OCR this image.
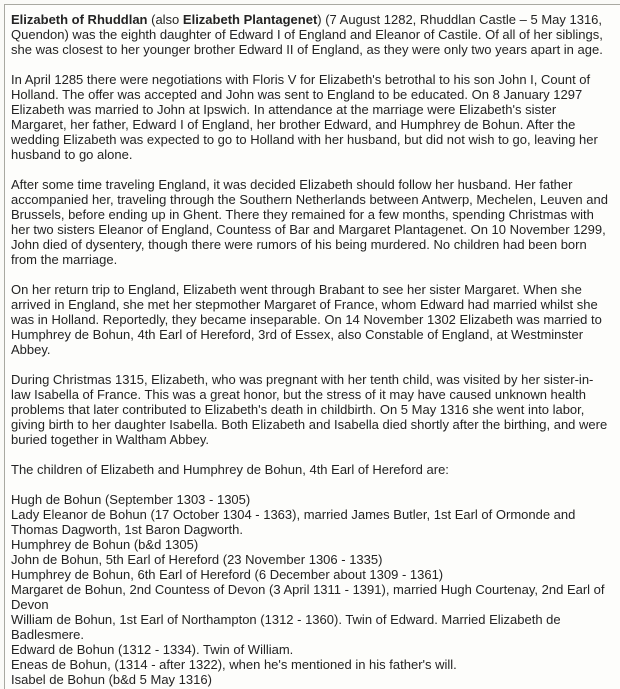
Elizabeth of Rhuddlan (also Elizabeth Plantagenet) (7 August 1282, Rhuddlan Castle – 5 May 1316, Quendon) was the eighth daughter of Edward I of England and Eleanor of Castile. Of all of her siblings, she was closest to her younger brother Edward II of England, as they were only two years apart in age.

In April 1285 there were negotiations with Floris V for Elizabeth's betrothal to his son John I, Count of Holland. The offer was accepted and John was sent to England to be educated. On 8 January 1297 Elizabeth was married to John at Ipswich. In attendance at the marriage were Elizabeth's sister Margaret, her father, Edward I of England, her brother Edward, and Humphrey de Bohun. After the wedding Elizabeth was expected to go to Holland with her husband, but did not wish to go, leaving her husband to go alone.

After some time traveling England, it was decided Elizabeth should follow her husband. Her father accompanied her, traveling through the Southern Netherlands between Antwerp, Mechelen, Leuven and Brussels, before ending up in Ghent. There they remained for a few months, spending Christmas with her two sisters Eleanor of England, Countess of Bar and Margaret Plantagenet. On 10 November 1299, John died of dysentery, though there were rumors of his being murdered. No children had been born from the marriage.

On her return trip to England, Elizabeth went through Brabant to see her sister Margaret. When she arrived in England, she met her stepmother Margaret of France, whom Edward had married whilst she was in Holland. Reportedly, they became inseparable. On 14 November 1302 Elizabeth was married to Humphrey de Bohun, 4th Earl of Hereford, 3rd of Essex, also Constable of England, at Westminster Abbey.

During Christmas 1315, Elizabeth, who was pregnant with her tenth child, was visited by her sister-in-law Isabella of France. This was a great honor, but the stress of it may have caused unknown health problems that later contributed to Elizabeth's death in childbirth. On 5 May 1316 she went into labor, giving birth to her daughter Isabella. Both Elizabeth and Isabella died shortly after the birthing, and were buried together in Waltham Abbey.

The children of Elizabeth and Humphrey de Bohun, 4th Earl of Hereford are:

Hugh de Bohun (September 1303 - 1305)
Lady Eleanor de Bohun (17 October 1304 - 1363), married James Butler, 1st Earl of Ormonde and Thomas Dagworth, 1st Baron Dagworth.
Humphrey de Bohun (b&d 1305)
John de Bohun, 5th Earl of Hereford (23 November 1306 - 1335)
Humphrey de Bohun, 6th Earl of Hereford (6 December about 1309 - 1361)
Margaret de Bohun, 2nd Countess of Devon (3 April 1311 - 1391), married Hugh Courtenay, 2nd Earl of Devon
William de Bohun, 1st Earl of Northampton (1312 - 1360). Twin of Edward. Married Elizabeth de Badlesmere.
Edward de Bohun (1312 - 1334). Twin of William.
Eneas de Bohun, (1314 - after 1322), when he's mentioned in his father's will.
Isabel de Bohun (b&d 5 May 1316)
